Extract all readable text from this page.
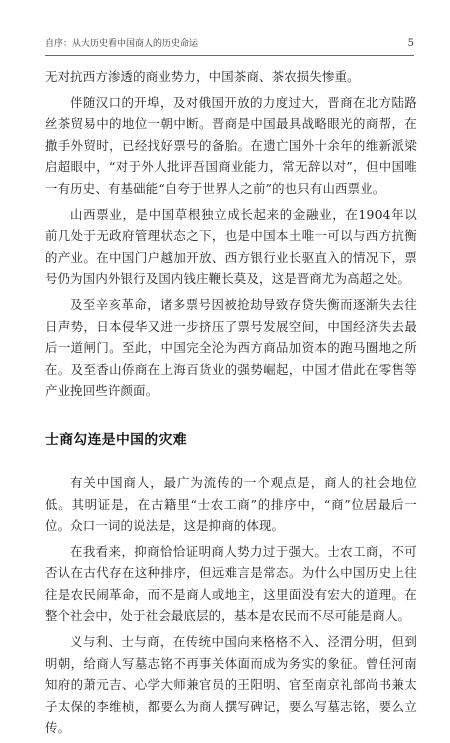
自序：从大历史看中国商人的历史命运	5

无对抗西方渗透的商业势力，中国茶商、茶农损失惨重。

伴随汉口的开埠，及对俄国开放的力度过大，晋商在北方陆路丝茶贸易中的地位一朝中断。晋商是中国最具战略眼光的商帮，在撒手外贸时，已经找好票号的备胎。在遗亡国外十余年的维新派梁启超眼中，“对于外人批评吾国商业能力，常无辞以对”，但中国唯一有历史、有基础能“自夸于世界人之前”的也只有山西票业。

山西票业，是中国草根独立成长起来的金融业，在1904年以前几处于无政府管理状态之下，也是中国本土唯一可以与西方抗衡的产业。在中国门户越加开放、西方银行业长驱直入的情况下，票号仍为国内外银行及国内钱庄鞭长莫及，这是晋商尤为高超之处。

及至辛亥革命，诸多票号因被抢劫导致存贷失衡而逐渐失去往日声势，日本侵华又进一步挤压了票号发展空间，中国经济失去最后一道闸门。至此，中国完全沦为西方商品加资本的跑马圈地之所在。及至香山侨商在上海百货业的强势崛起，中国才借此在零售等产业挽回些许颜面。

士商勾连是中国的灾难

有关中国商人，最广为流传的一个观点是，商人的社会地位低。其明证是，在古籍里“士农工商”的排序中，“商”位居最后一位。众口一词的说法是，这是抑商的体现。

在我看来，抑商恰恰证明商人势力过于强大。士农工商，不可否认在古代存在这种排序，但远难言是常态。为什么中国历史上往往是农民闹革命，而不是商人或地主，这里面没有宏大的道理。在整个社会中，处于社会最底层的，基本是农民而不尽可能是商人。

义与利、士与商，在传统中国向来格格不入、泾渭分明，但到明朝，给商人写墓志铭不再事关体面而成为务实的象征。曾任河南知府的萧元吉、心学大师兼官员的王阳明、官至南京礼部尚书兼太子太保的李维桢，都要么为商人撰写碑记，要么写墓志铭，要么立传。
